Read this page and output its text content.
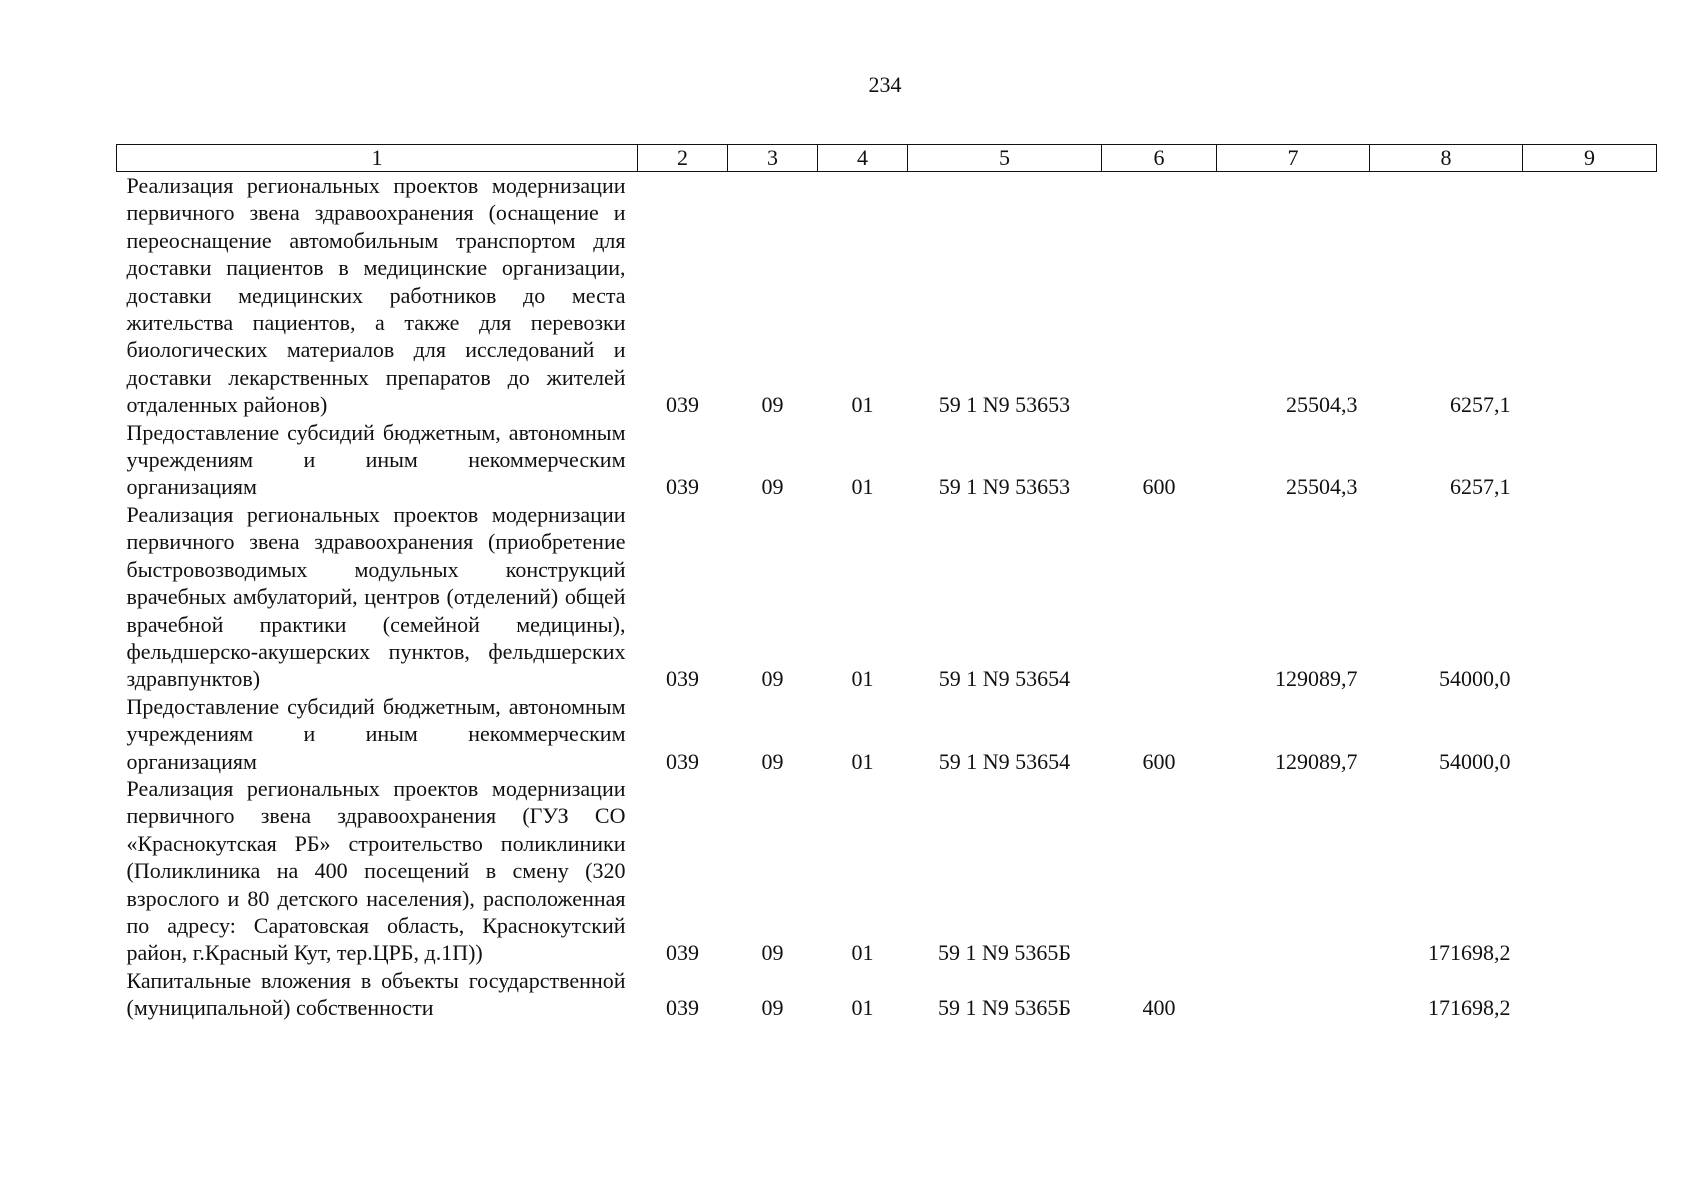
234
1	2	3	4	5	6	7	8	9

Реализация региональных проектов модернизации первичного звена здравоохранения (оснащение и переоснащение автомобильным транспортом для доставки пациентов в медицинские организации, доставки медицинских работников до места жительства пациентов, а также для перевозки биологических материалов для исследований и доставки лекарственных препаратов до жителей отдаленных районов)	039	09	01	59 1 N9 53653		25504,3	6257,1	

Предоставление субсидий бюджетным, автономным учреждениям и иным некоммерческим организациям	039	09	01	59 1 N9 53653	600	25504,3	6257,1	

Реализация региональных проектов модернизации первичного звена здравоохранения (приобретение быстровозводимых модульных конструкций врачебных амбулаторий, центров (отделений) общей врачебной практики (семейной медицины), фельдшерско-акушерских пунктов, фельдшерских здравпунктов)	039	09	01	59 1 N9 53654		129089,7	54000,0	

Предоставление субсидий бюджетным, автономным учреждениям и иным некоммерческим организациям	039	09	01	59 1 N9 53654	600	129089,7	54000,0	

Реализация региональных проектов модернизации первичного звена здравоохранения (ГУЗ СО «Краснокутская РБ» строительство поликлиники (Поликлиника на 400 посещений в смену (320 взрослого и 80 детского населения), расположенная по адресу: Саратовская область, Краснокутский район, г.Красный Кут, тер.ЦРБ, д.1П))	039	09	01	59 1 N9 5365Б			171698,2	

Капитальные вложения в объекты государственной (муниципальной) собственности	039	09	01	59 1 N9 5365Б	400		171698,2	
